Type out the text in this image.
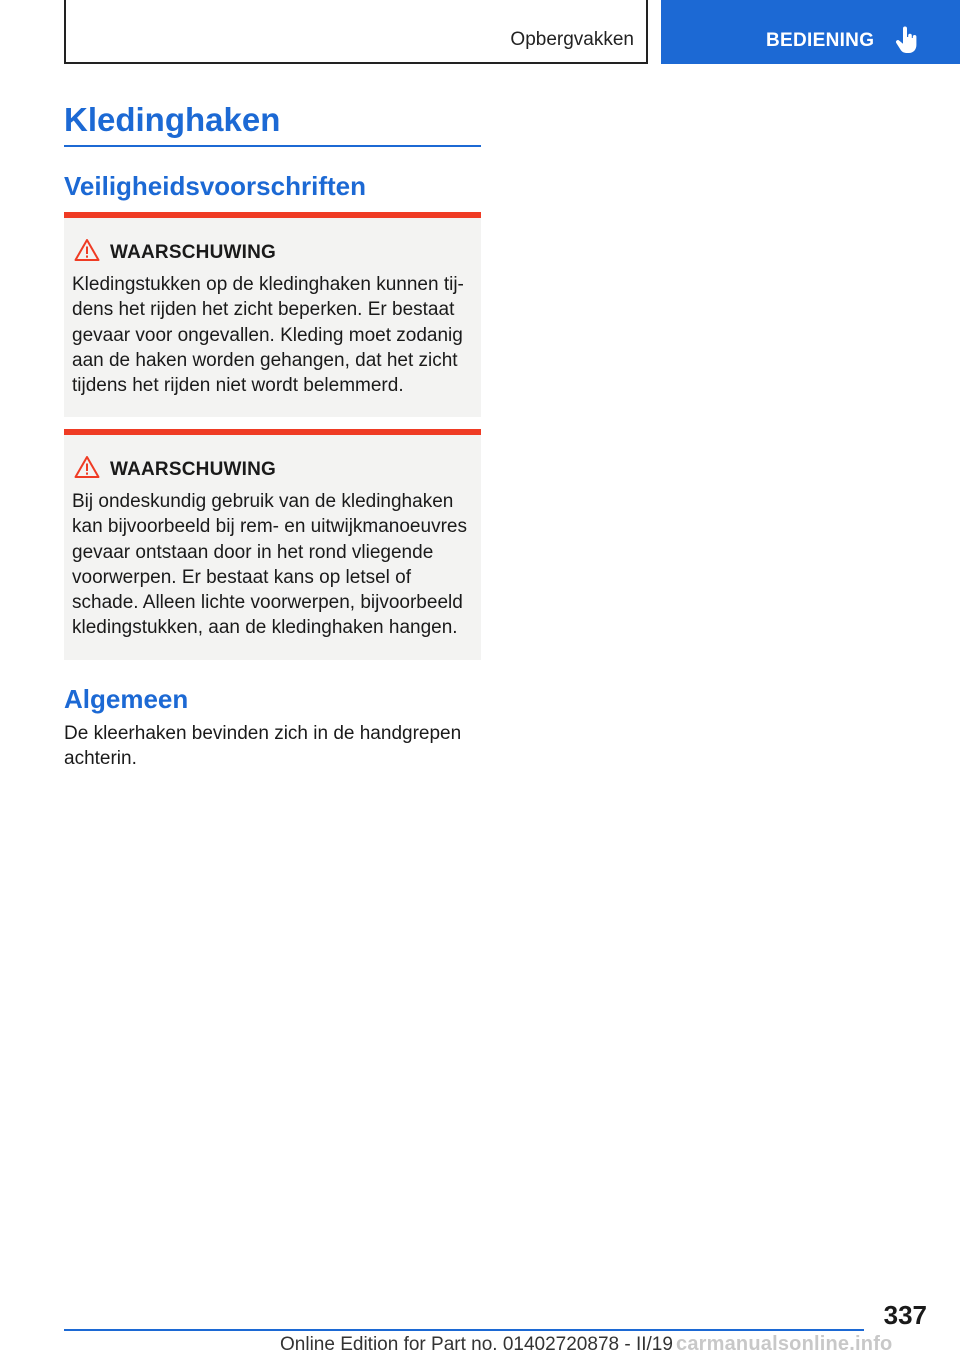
Opbergvakken	BEDIENING
Kledinghaken
Veiligheidsvoorschriften
WAARSCHUWING

Kledingstukken op de kledinghaken kunnen tij-dens het rijden het zicht beperken. Er bestaat gevaar voor ongevallen. Kleding moet zodanig aan de haken worden gehangen, dat het zicht tijdens het rijden niet wordt belemmerd.

WAARSCHUWING

Bij ondeskundig gebruik van de kledinghaken kan bijvoorbeeld bij rem- en uitwijkmanoeuvres gevaar ontstaan door in het rond vliegende voorwerpen. Er bestaat kans op letsel of schade. Alleen lichte voorwerpen, bijvoorbeeld kledingstukken, aan de kledinghaken hangen.

Algemeen

De kleerhaken bevinden zich in de handgrepen achterin.

337
Online Edition for Part no. 01402720878 - II/19 carmanualsonline.info
